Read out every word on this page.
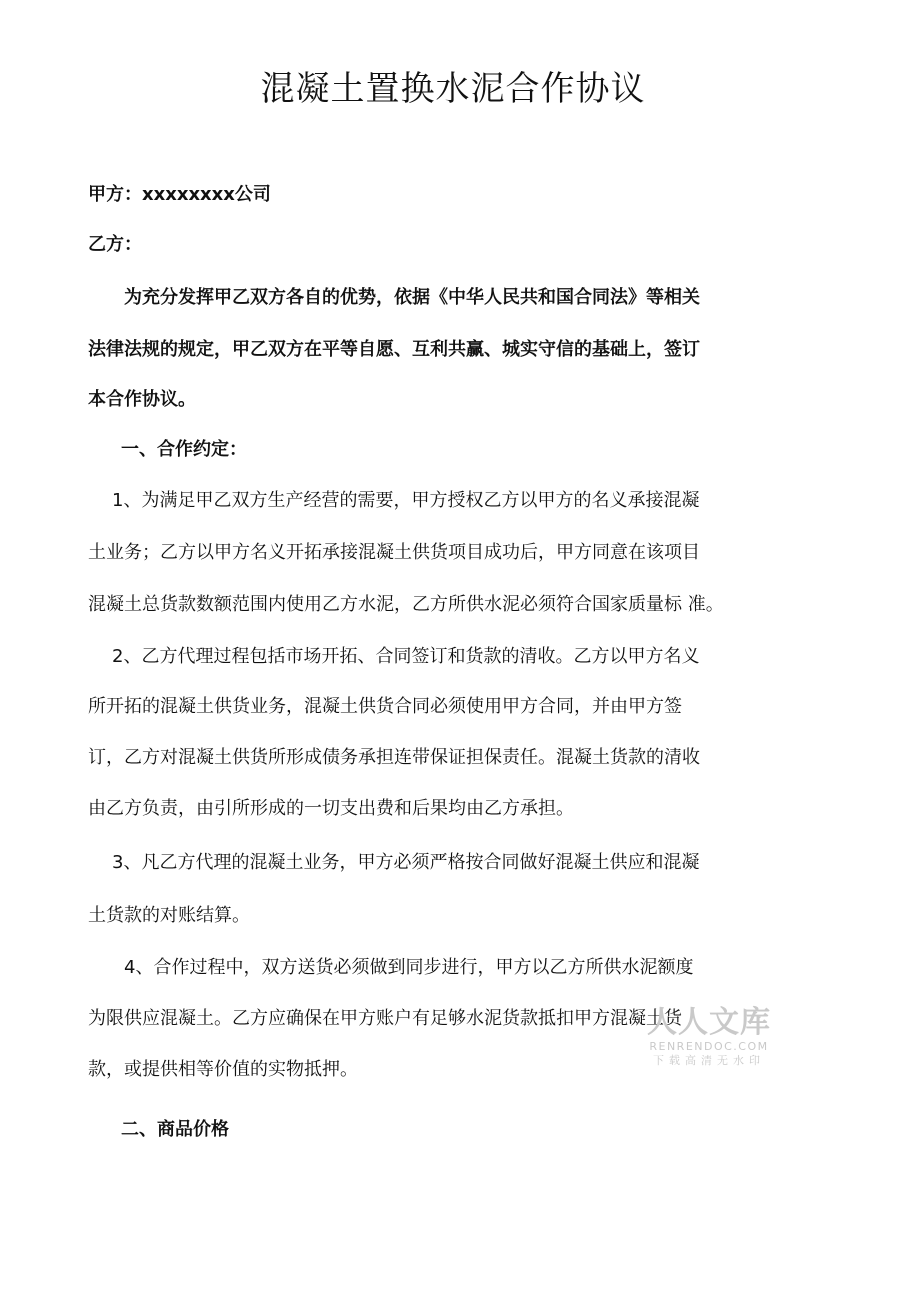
混凝土置换水泥合作协议

甲方：xxxxxxxx公司

乙方：

为充分发挥甲乙双方各自的优势，依据《中华人民共和国合同法》等相关

法律法规的规定，甲乙双方在平等自愿、互利共赢、城实守信的基础上，签订

本合作协议。

一、合作约定：

1、为满足甲乙双方生产经营的需要，甲方授权乙方以甲方的名义承接混凝

土业务；乙方以甲方名义开拓承接混凝土供货项目成功后，甲方同意在该项目

混凝土总货款数额范围内使用乙方水泥，乙方所供水泥必须符合国家质量标 准。

2、乙方代理过程包括市场开拓、合同签订和货款的清收。乙方以甲方名义

所开拓的混凝土供货业务，混凝土供货合同必须使用甲方合同，并由甲方签

订，乙方对混凝土供货所形成债务承担连带保证担保责任。混凝土货款的清收

由乙方负责，由引所形成的一切支出费和后果均由乙方承担。

3、凡乙方代理的混凝土业务，甲方必须严格按合同做好混凝土供应和混凝

土货款的对账结算。

4、合作过程中，双方送货必须做到同步进行，甲方以乙方所供水泥额度

为限供应混凝土。乙方应确保在甲方账户有足够水泥货款抵扣甲方混凝土货

款，或提供相等价值的实物抵押。

二、商品价格

人人文库
RENRENDOC.COM
下载高清无水印
